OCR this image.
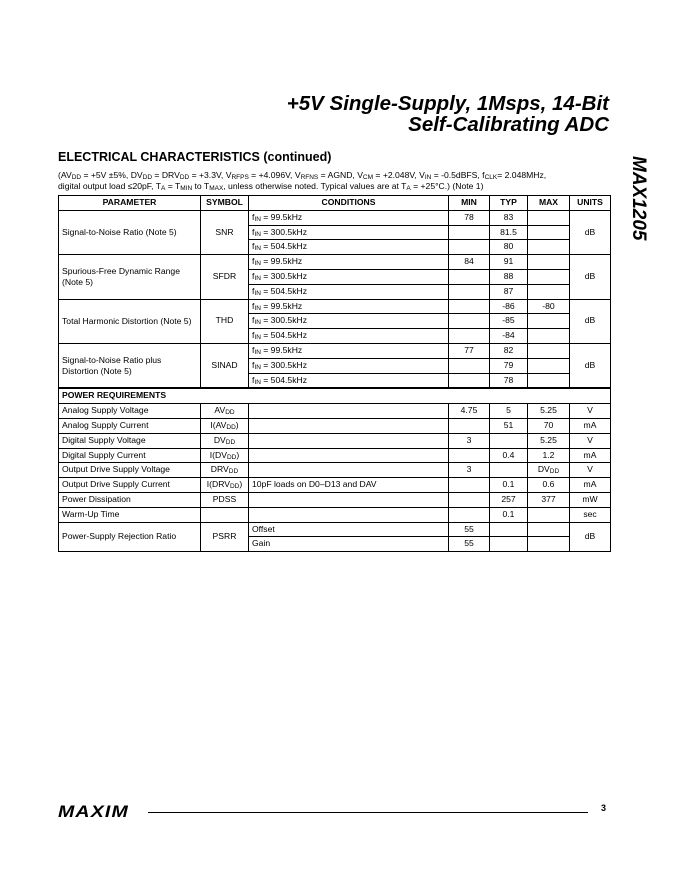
+5V Single-Supply, 1Msps, 14-Bit
Self-Calibrating ADC
MAX1205
ELECTRICAL CHARACTERISTICS (continued)
($AV_{DD} = +5V \pm 5\%$, $DV_{DD} = DRV_{DD} = +3.3V$, $V_{RFPS} = +4.096V$, $V_{RFNS}$ = AGND, $V_{CM} = +2.048V$, $V_{IN}$ = -0.5dBFS, $f_{CLK}= 2.048MHz$,
digital output load ≤20pF, $T_A = T_{MIN}$ to $T_{MAX}$, unless otherwise noted. Typical values are at $T_A = +25^\circ C$.) (Note 1)
PARAMETER	SYMBOL	CONDITIONS	MIN	TYP	MAX	UNITS
Signal-to-Noise Ratio (Note 5)	SNR	$f_{IN} = 99.5kHz$	78	83		dB
		$f_{IN} = 300.5kHz$		81.5		
		$f_{IN} = 504.5kHz$		80		
Spurious-Free Dynamic Range (Note 5)	SFDR	$f_{IN} = 99.5kHz$	84	91		dB
		$f_{IN} = 300.5kHz$		88		
		$f_{IN} = 504.5kHz$		87		
Total Harmonic Distortion (Note 5)	THD	$f_{IN} = 99.5kHz$		-86	-80	dB
		$f_{IN} = 300.5kHz$		-85		
		$f_{IN} = 504.5kHz$		-84		
Signal-to-Noise Ratio plus Distortion (Note 5)	SINAD	$f_{IN} = 99.5kHz$	77	82		dB
		$f_{IN} = 300.5kHz$		79		
		$f_{IN} = 504.5kHz$		78		
POWER REQUIREMENTS						
Analog Supply Voltage	$AV_{DD}$		4.75	5	5.25	V
Analog Supply Current	$I(AV_{DD})$			51	70	mA
Digital Supply Voltage	$DV_{DD}$		3		5.25	V
Digital Supply Current	$I(DV_{DD})$			0.4	1.2	mA
Output Drive Supply Voltage	$DRV_{DD}$		3		$DV_{DD}$	V
Output Drive Supply Current	$I(DRV_{DD})$	10pF loads on D0–D13 and DAV		0.1	0.6	mA
Power Dissipation	PDSS			257	377	mW
Warm-Up Time				0.1		sec
Power-Supply Rejection Ratio	PSRR	Offset	55			dB
		Gain	55			
MAXIM	3
